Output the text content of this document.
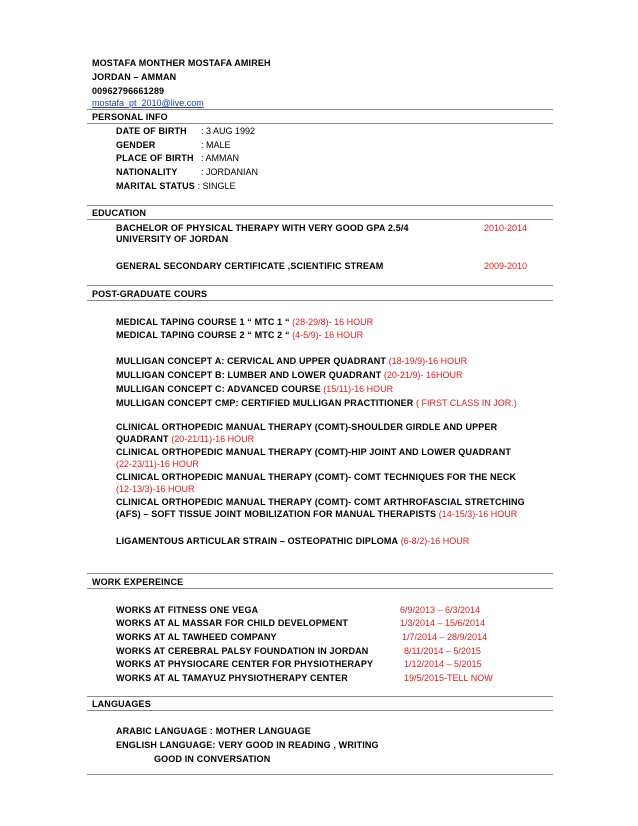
MOSTAFA MONTHER MOSTAFA AMIREH
JORDAN – AMMAN
00962796661289
mostafa_pt_2010@live.com
PERSONAL INFO
DATE OF BIRTH : 3 AUG 1992
GENDER	: MALE
PLACE OF BIRTH : AMMAN
NATIONALITY	: JORDANIAN
MARITAL STATUS : SINGLE
EDUCATION
BACHELOR OF PHYSICAL THERAPY WITH VERY GOOD GPA 2.5/4
UNIVERSITY OF JORDAN
2010-2014
GENERAL SECONDARY CERTIFICATE ,SCIENTIFIC STREAM	2009-2010
POST-GRADUATE COURS
MEDICAL TAPING COURSE 1 “ MTC 1 “ (28-29/8)- 16 HOUR
MEDICAL TAPING COURSE 2 “ MTC 2 “ (4-5/9)- 16 HOUR
MULLIGAN CONCEPT A: CERVICAL AND UPPER QUADRANT (18-19/9)-16 HOUR
MULLIGAN CONCEPT B: LUMBER AND LOWER QUADRANT (20-21/9)- 16HOUR
MULLIGAN CONCEPT C: ADVANCED COURSE (15/11)-16 HOUR
MULLIGAN CONCEPT CMP: CERTIFIED MULLIGAN PRACTITIONER ( FIRST CLASS IN JOR.)
CLINICAL ORTHOPEDIC MANUAL THERAPY (COMT)-SHOULDER GIRDLE AND UPPER
QUADRANT (20-21/11)-16 HOUR
CLINICAL ORTHOPEDIC MANUAL THERAPY (COMT)-HIP JOINT AND LOWER QUADRANT
(22-23/11)-16 HOUR
CLINICAL ORTHOPEDIC MANUAL THERAPY (COMT)- COMT TECHNIQUES FOR THE NECK
(12-13/3)-16 HOUR
CLINICAL ORTHOPEDIC MANUAL THERAPY (COMT)- COMT ARTHROFASCIAL STRETCHING
(AFS) – SOFT TISSUE JOINT MOBILIZATION FOR MANUAL THERAPISTS (14-15/3)-16 HOUR
LIGAMENTOUS ARTICULAR STRAIN – OSTEOPATHIC DIPLOMA (6-8/2)-16 HOUR
WORK EXPEREINCE
WORKS AT FITNESS ONE VEGA	6/9/2013 – 6/3/2014
WORKS AT AL MASSAR FOR CHILD DEVELOPMENT	1/3/2014 – 15/6/2014
WORKS AT AL TAWHEED COMPANY	1/7/2014 – 28/9/2014
WORKS AT CEREBRAL PALSY FOUNDATION IN JORDAN	8/11/2014 – 5/2015
WORKS AT PHYSIOCARE CENTER FOR PHYSIOTHERAPY	1/12/2014 – 5/2015
WORKS AT AL TAMAYUZ PHYSIOTHERAPY CENTER	19/5/2015-TELL NOW
LANGUAGES
ARABIC LANGUAGE : MOTHER LANGUAGE
ENGLISH LANGUAGE: VERY GOOD IN READING , WRITING
GOOD IN CONVERSATION
